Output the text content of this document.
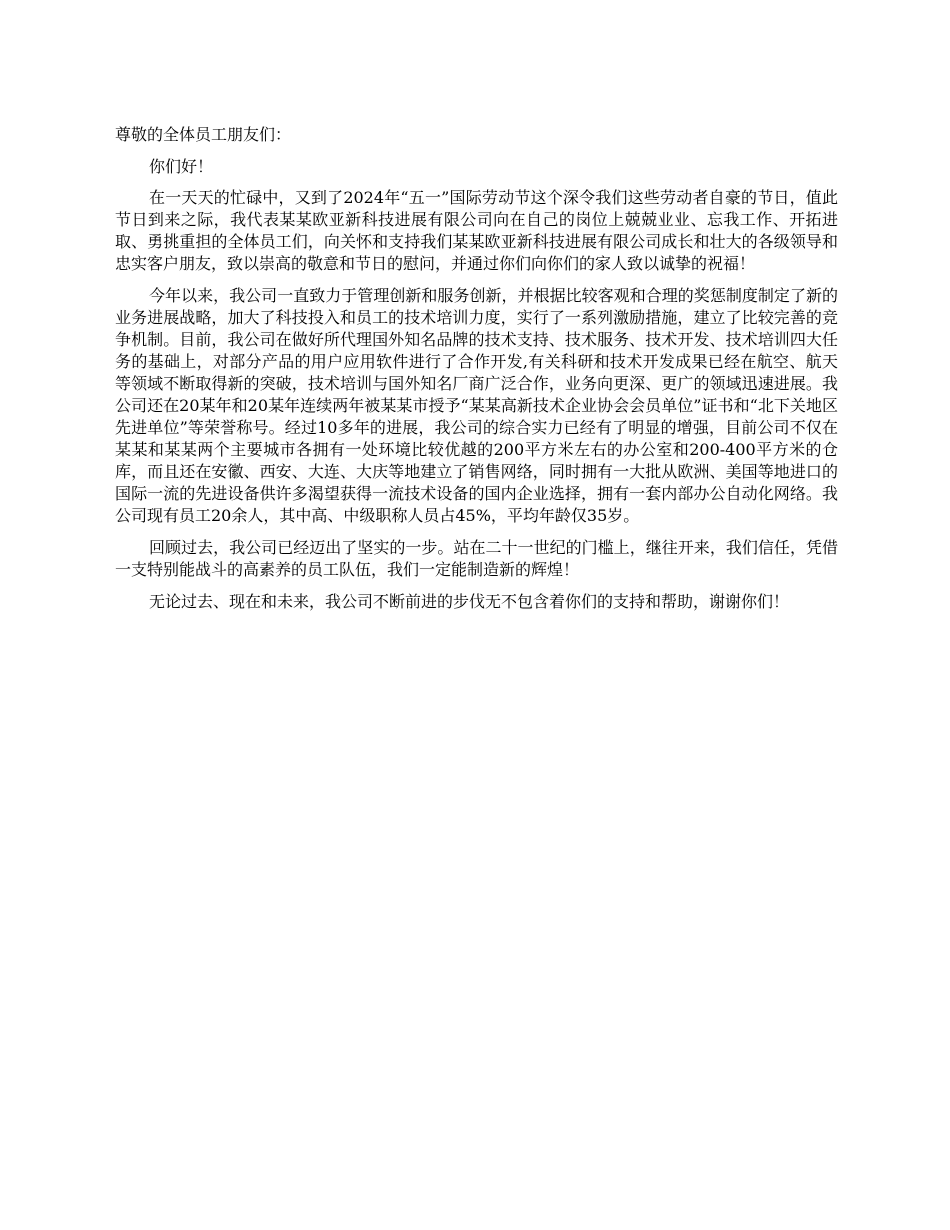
尊敬的全体员工朋友们：

你们好！

在一天天的忙碌中，又到了2024年“五一”国际劳动节这个深令我们这些劳动者自豪的节日，值此节日到来之际，我代表某某欧亚新科技进展有限公司向在自己的岗位上兢兢业业、忘我工作、开拓进取、勇挑重担的全体员工们，向关怀和支持我们某某欧亚新科技进展有限公司成长和壮大的各级领导和忠实客户朋友，致以崇高的敬意和节日的慰问，并通过你们向你们的家人致以诚挚的祝福！

今年以来，我公司一直致力于管理创新和服务创新，并根据比较客观和合理的奖惩制度制定了新的业务进展战略，加大了科技投入和员工的技术培训力度，实行了一系列激励措施，建立了比较完善的竞争机制。目前，我公司在做好所代理国外知名品牌的技术支持、技术服务、技术开发、技术培训四大任务的基础上，对部分产品的用户应用软件进行了合作开发,有关科研和技术开发成果已经在航空、航天等领域不断取得新的突破，技术培训与国外知名厂商广泛合作，业务向更深、更广的领域迅速进展。我公司还在20某年和20某年连续两年被某某市授予“某某高新技术企业协会会员单位”证书和“北下关地区先进单位”等荣誉称号。经过10多年的进展，我公司的综合实力已经有了明显的增强，目前公司不仅在某某和某某两个主要城市各拥有一处环境比较优越的200平方米左右的办公室和200-400平方米的仓库，而且还在安徽、西安、大连、大庆等地建立了销售网络，同时拥有一大批从欧洲、美国等地进口的国际一流的先进设备供许多渴望获得一流技术设备的国内企业选择，拥有一套内部办公自动化网络。我公司现有员工20余人，其中高、中级职称人员占45%，平均年龄仅35岁。

回顾过去，我公司已经迈出了坚实的一步。站在二十一世纪的门槛上，继往开来，我们信任，凭借一支特别能战斗的高素养的员工队伍，我们一定能制造新的辉煌！

无论过去、现在和未来，我公司不断前进的步伐无不包含着你们的支持和帮助，谢谢你们！
